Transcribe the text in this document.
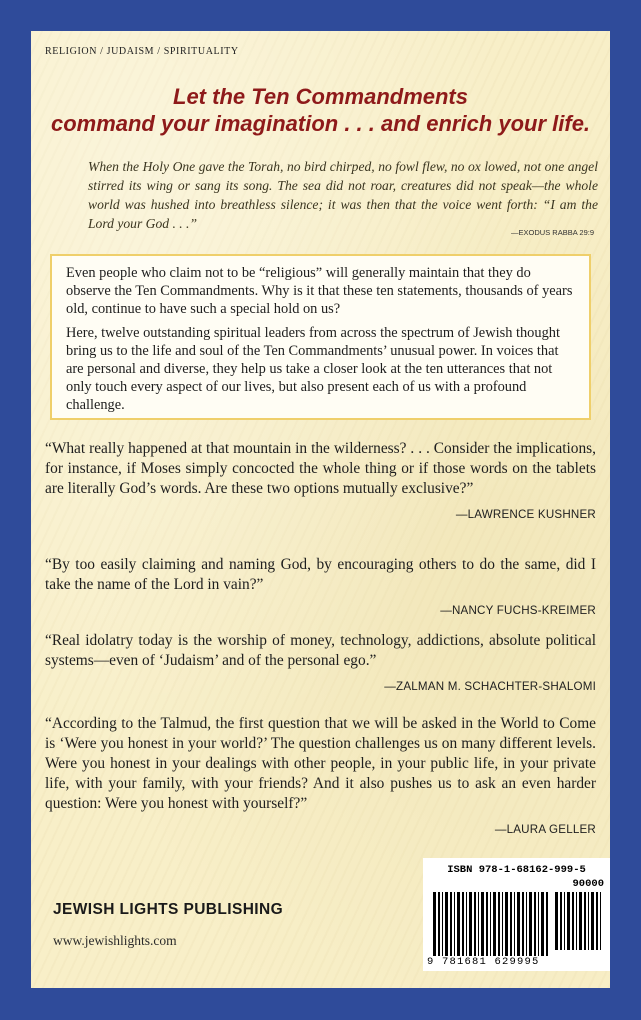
RELIGION / JUDAISM / SPIRITUALITY
Let the Ten Commandments
command your imagination . . . and enrich your life.
When the Holy One gave the Torah, no bird chirped, no fowl flew, no ox lowed, not one angel stirred its wing or sang its song. The sea did not roar, creatures did not speak—the whole world was hushed into breathless silence; it was then that the voice went forth: “I am the Lord your God . . .”
—EXODUS RABBA 29:9

Even people who claim not to be “religious” will generally maintain that they do observe the Ten Commandments. Why is it that these ten statements, thousands of years old, continue to have such a special hold on us?

Here, twelve outstanding spiritual leaders from across the spectrum of Jewish thought bring us to the life and soul of the Ten Commandments’ unusual power. In voices that are personal and diverse, they help us take a closer look at the ten utterances that not only touch every aspect of our lives, but also present each of us with a profound challenge.

“What really happened at that mountain in the wilderness? . . . Consider the implications, for instance, if Moses simply concocted the whole thing or if those words on the tablets are literally God’s words. Are these two options mutually exclusive?”
—LAWRENCE KUSHNER
“By too easily claiming and naming God, by encouraging others to do the same, did I take the name of the Lord in vain?”
—NANCY FUCHS-KREIMER
“Real idolatry today is the worship of money, technology, addictions, absolute political systems—even of ‘Judaism’ and of the personal ego.”
—ZALMAN M. SCHACHTER-SHALOMI
“According to the Talmud, the first question that we will be asked in the World to Come is ‘Were you honest in your world?’ The question challenges us on many different levels. Were you honest in your dealings with other people, in your public life, in your private life, with your family, with your friends? And it also pushes us to ask an even harder question: Were you honest with yourself?”
—LAURA GELLER
JEWISH LIGHTS PUBLISHING
www.jewishlights.com
ISBN 978-1-68162-999-5
90000
9 781681 629995
